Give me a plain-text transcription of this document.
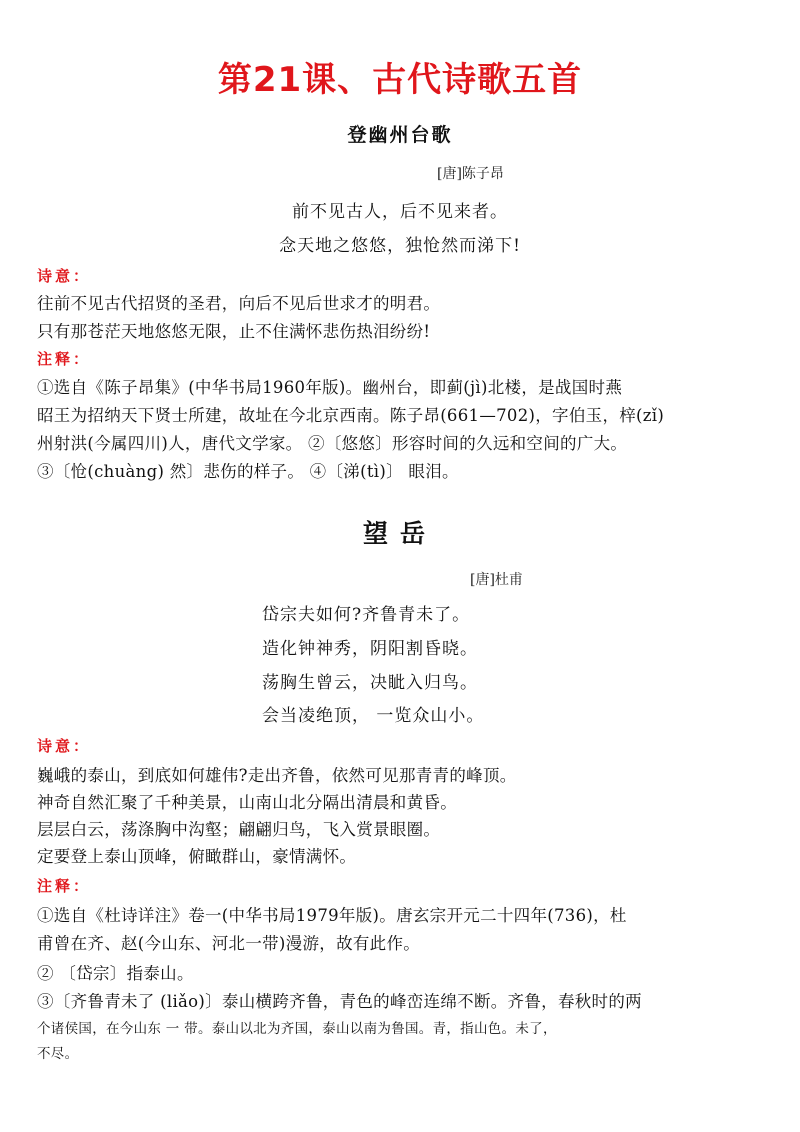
第21课、古代诗歌五首
登幽州台歌
[唐]陈子昂
前不见古人，后不见来者。
念天地之悠悠，独怆然而涕下!
诗意：
往前不见古代招贤的圣君，向后不见后世求才的明君。
只有那苍茫天地悠悠无限，止不住满怀悲伤热泪纷纷!
注释：
①选自《陈子昂集》(中华书局1960年版)。幽州台，即蓟(jì)北楼，是战国时燕
昭王为招纳天下贤士所建，故址在今北京西南。陈子昂(661—702)，字伯玉，梓(zǐ)
州射洪(今属四川)人，唐代文学家。 ②〔悠悠〕形容时间的久远和空间的广大。
③〔怆(chuàng) 然〕悲伤的样子。 ④〔涕(tì)〕 眼泪。
望岳
[唐]杜甫
岱宗夫如何?齐鲁青未了。
造化钟神秀，阴阳割昏晓。
荡胸生曾云，决眦入归鸟。
会当凌绝顶， 一览众山小。
诗意：
巍峨的泰山，到底如何雄伟?走出齐鲁，依然可见那青青的峰顶。
神奇自然汇聚了千种美景，山南山北分隔出清晨和黄昏。
层层白云，荡涤胸中沟壑；翩翩归鸟，飞入赏景眼圈。
定要登上泰山顶峰，俯瞰群山，豪情满怀。
注释：
①选自《杜诗详注》卷一(中华书局1979年版)。唐玄宗开元二十四年(736)，杜
甫曾在齐、赵(今山东、河北一带)漫游，故有此作。
② 〔岱宗〕指泰山。
③〔齐鲁青未了 (liǎo)〕泰山横跨齐鲁，青色的峰峦连绵不断。齐鲁，春秋时的两
个诸侯国，在今山东 一 带。泰山以北为齐国，泰山以南为鲁国。青，指山色。未了，
不尽。
